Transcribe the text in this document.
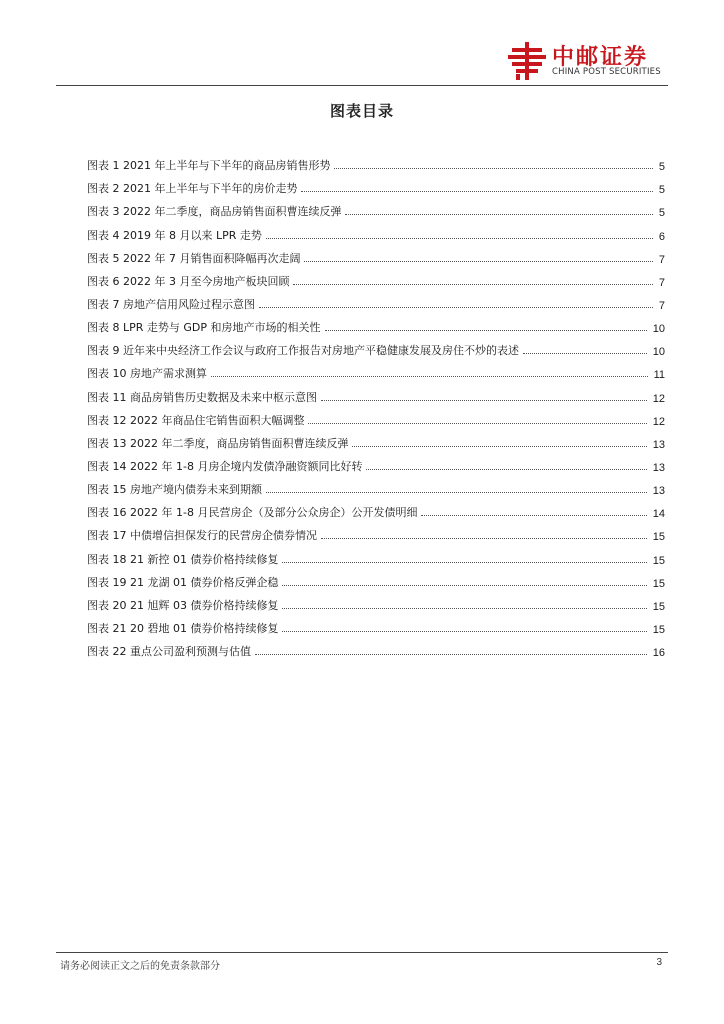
中邮证券
CHINA POST SECURITIES
图表目录
图表 1 2021 年上半年与下半年的商品房销售形势	5
图表 2 2021 年上半年与下半年的房价走势	5
图表 3 2022 年二季度，商品房销售面积曹连续反弹	5
图表 4 2019 年 8 月以来 LPR 走势	6
图表 5 2022 年 7 月销售面积降幅再次走阔	7
图表 6 2022 年 3 月至今房地产板块回顾	7
图表 7 房地产信用风险过程示意图	7
图表 8 LPR 走势与 GDP 和房地产市场的相关性	10
图表 9 近年来中央经济工作会议与政府工作报告对房地产平稳健康发展及房住不炒的表述	10
图表 10 房地产需求测算	11
图表 11 商品房销售历史数据及未来中枢示意图	12
图表 12 2022 年商品住宅销售面积大幅调整	12
图表 13 2022 年二季度，商品房销售面积曹连续反弹	13
图表 14 2022 年 1-8 月房企境内发债净融资额同比好转	13
图表 15 房地产境内债券未来到期额	13
图表 16 2022 年 1-8 月民营房企（及部分公众房企）公开发债明细	14
图表 17 中债增信担保发行的民营房企债券情况	15
图表 18 21 新控 01 债券价格持续修复	15
图表 19 21 龙湖 01 债券价格反弹企稳	15
图表 20 21 旭辉 03 债券价格持续修复	15
图表 21 20 碧地 01 债券价格持续修复	15
图表 22 重点公司盈利预测与估值	16
请务必阅读正文之后的免责条款部分	3
